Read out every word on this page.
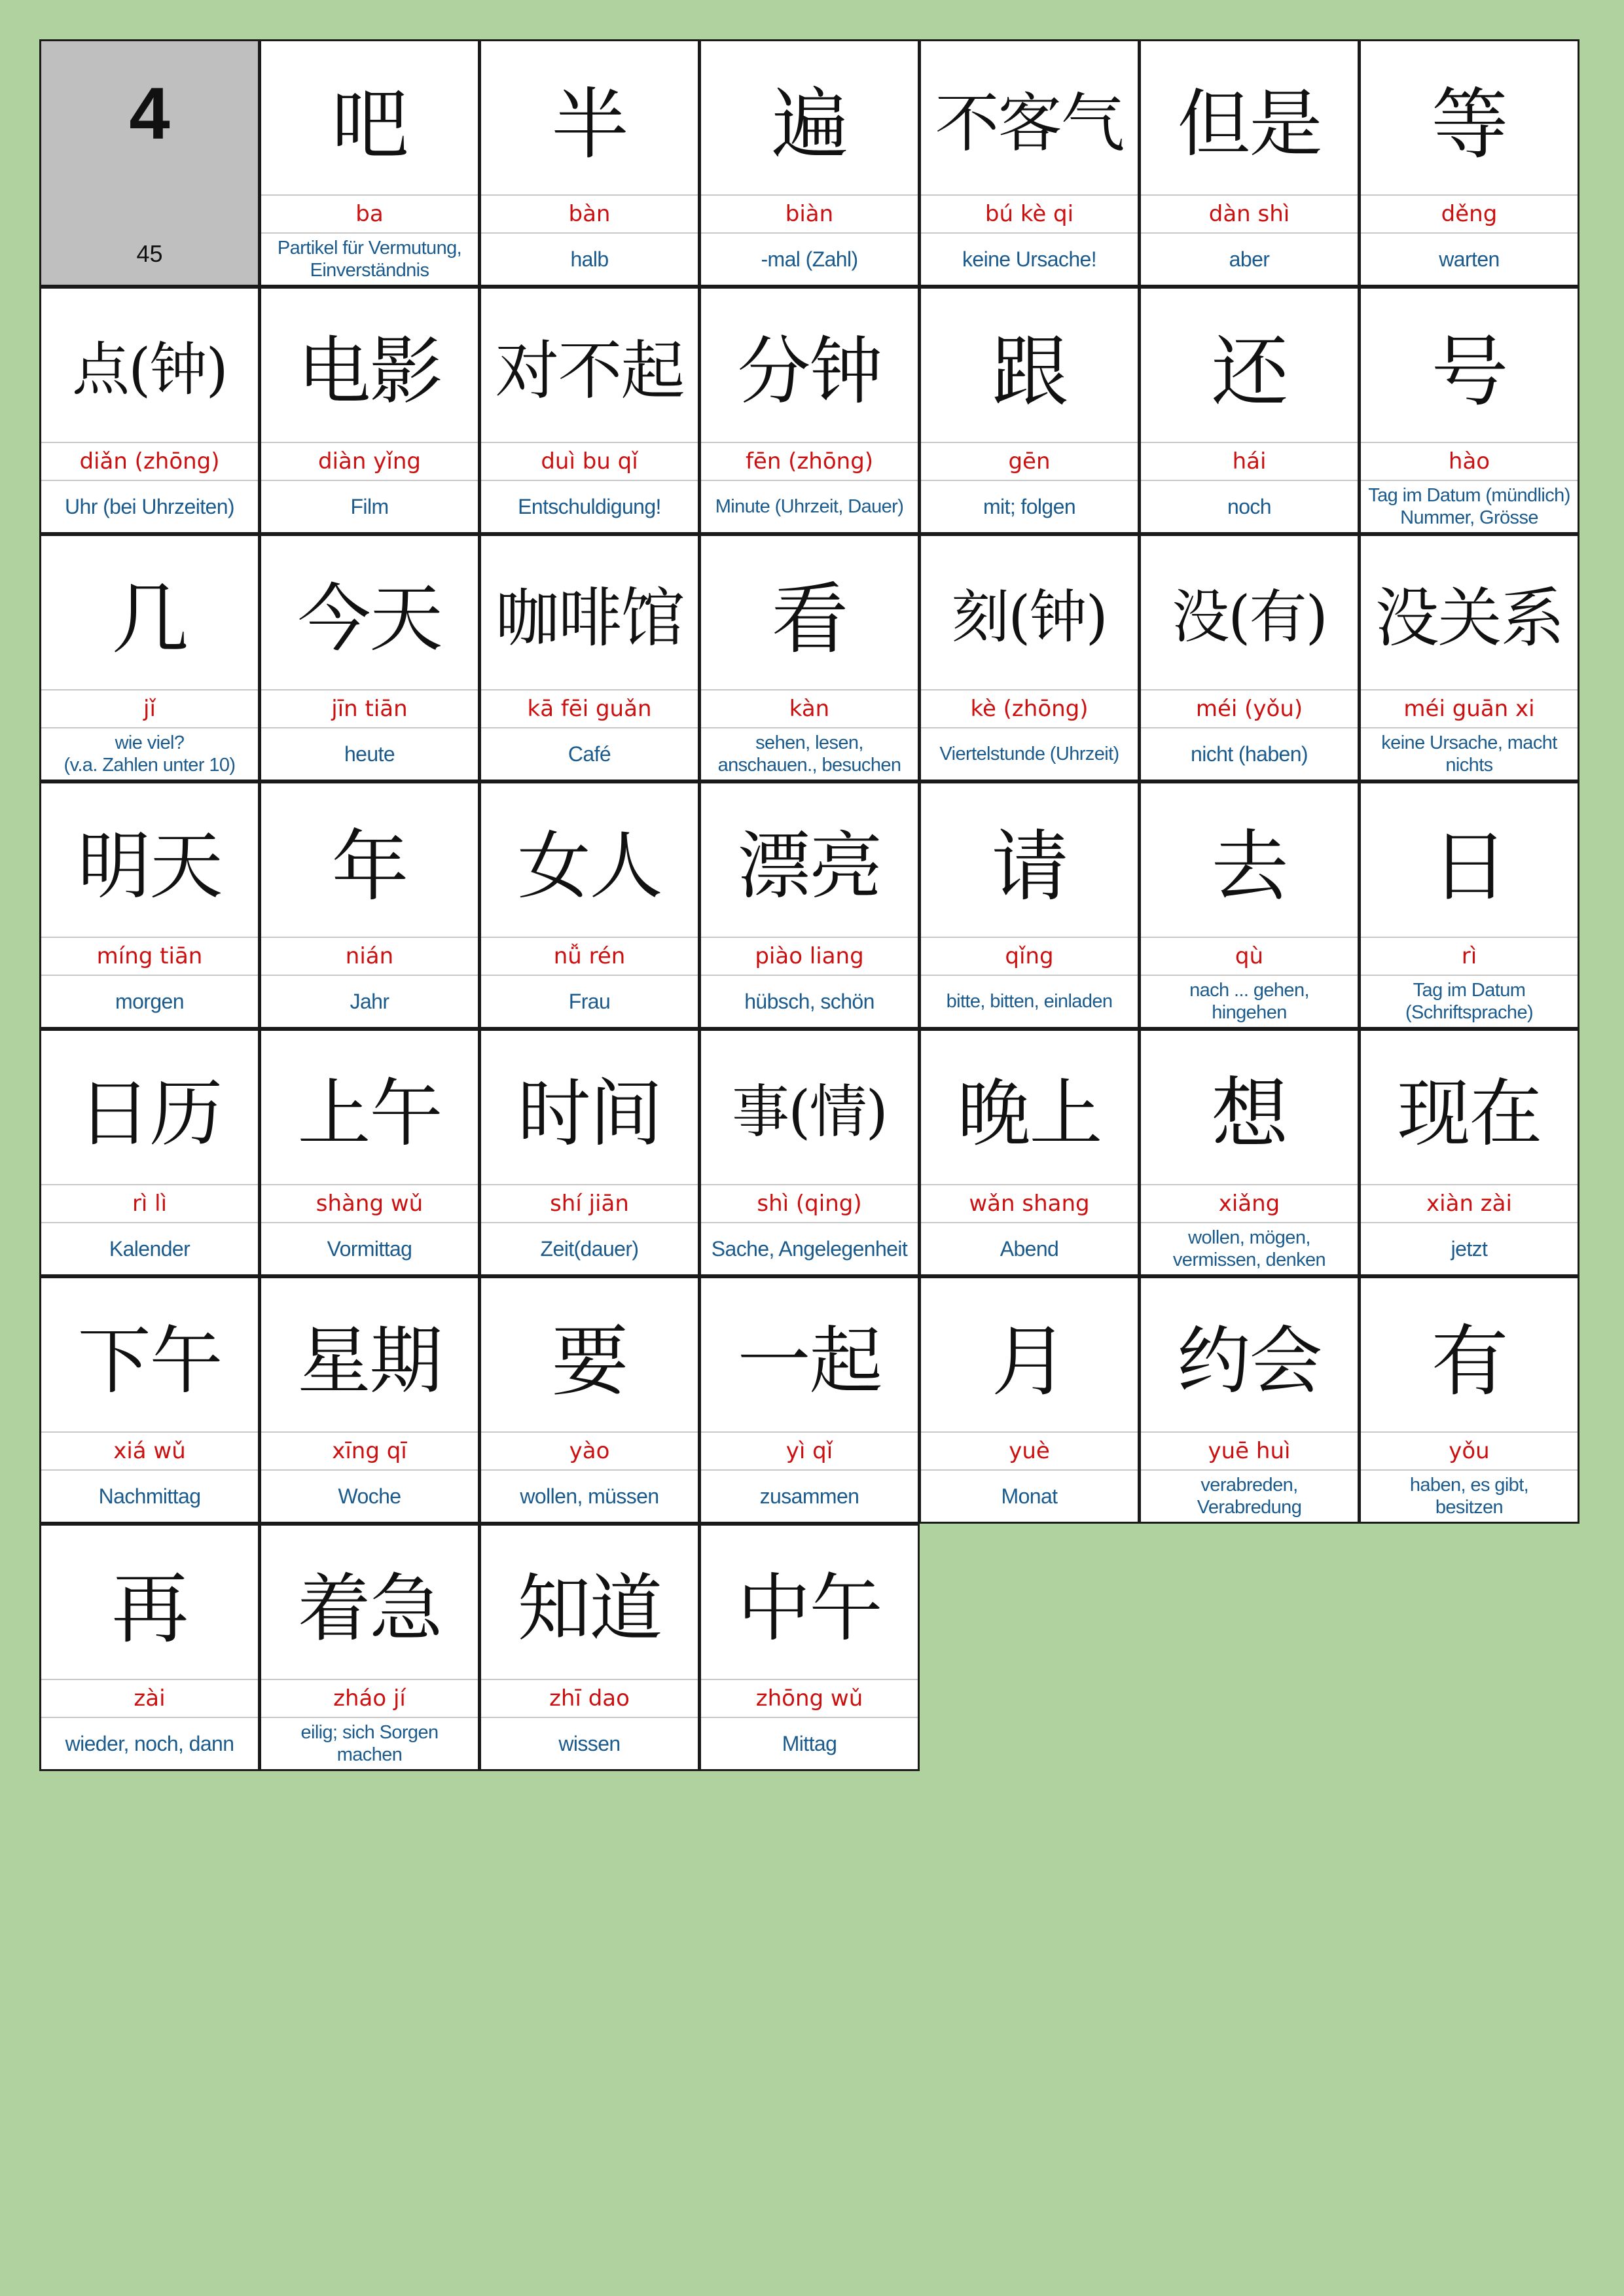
4
45
吧
ba
Partikel für Vermutung,
Einverständnis
半
bàn
halb
遍
biàn
-mal (Zahl)
不客气
bú kè qi
keine Ursache!
但是
dàn shì
aber
等
děng
warten
点(钟)
diǎn (zhōng)
Uhr (bei Uhrzeiten)
电影
diàn yǐng
Film
对不起
duì bu qǐ
Entschuldigung!
分钟
fēn (zhōng)
Minute (Uhrzeit, Dauer)
跟
gēn
mit; folgen
还
hái
noch
号
hào
Tag im Datum (mündlich)
Nummer, Grösse
几
jǐ
wie viel?
(v.a. Zahlen unter 10)
今天
jīn tiān
heute
咖啡馆
kā fēi guǎn
Café
看
kàn
sehen, lesen,
anschauen., besuchen
刻(钟)
kè (zhōng)
Viertelstunde (Uhrzeit)
没(有)
méi (yǒu)
nicht (haben)
没关系
méi guān xi
keine Ursache, macht
nichts
明天
míng tiān
morgen
年
nián
Jahr
女人
nǚ rén
Frau
漂亮
piào liang
hübsch, schön
请
qǐng
bitte, bitten, einladen
去
qù
nach ... gehen,
hingehen
日
rì
Tag im Datum
(Schriftsprache)
日历
rì lì
Kalender
上午
shàng wǔ
Vormittag
时间
shí jiān
Zeit(dauer)
事(情)
shì (qing)
Sache, Angelegenheit
晚上
wǎn shang
Abend
想
xiǎng
wollen, mögen,
vermissen, denken
现在
xiàn zài
jetzt
下午
xiá wǔ
Nachmittag
星期
xīng qī
Woche
要
yào
wollen, müssen
一起
yì qǐ
zusammen
月
yuè
Monat
约会
yuē huì
verabreden,
Verabredung
有
yǒu
haben, es gibt,
besitzen
再
zài
wieder, noch, dann
着急
zháo jí
eilig; sich Sorgen
machen
知道
zhī dao
wissen
中午
zhōng wǔ
Mittag
